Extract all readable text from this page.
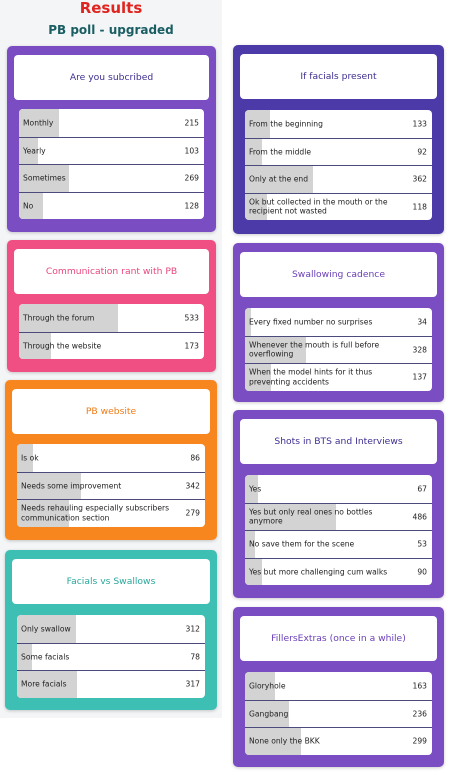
Results
PB poll - upgraded
Are you subcribed
Monthly	215
Yearly	103
Sometimes	269
No	128
If facials present
From the beginning	133
From the middle	92
Only at the end	362
Ok but collected in the mouth or the recipient not wasted	118
Communication rant with PB
Through the forum	533
Through the website	173
Swallowing cadence
Every fixed number no surprises	34
Whenever the mouth is full before overflowing	328
When the model hints for it thus preventing accidents	137
PB website
Is ok	86
Needs some improvement	342
Needs rehauling especially subscribers communication section	279
Shots in BTS and Interviews
Yes	67
Yes but only real ones no bottles anymore	486
No save them for the scene	53
Yes but more challenging cum walks	90
Facials vs Swallows
Only swallow	312
Some facials	78
More facials	317
FillersExtras (once in a while)
Gloryhole	163
Gangbang	236
None only the BKK	299
